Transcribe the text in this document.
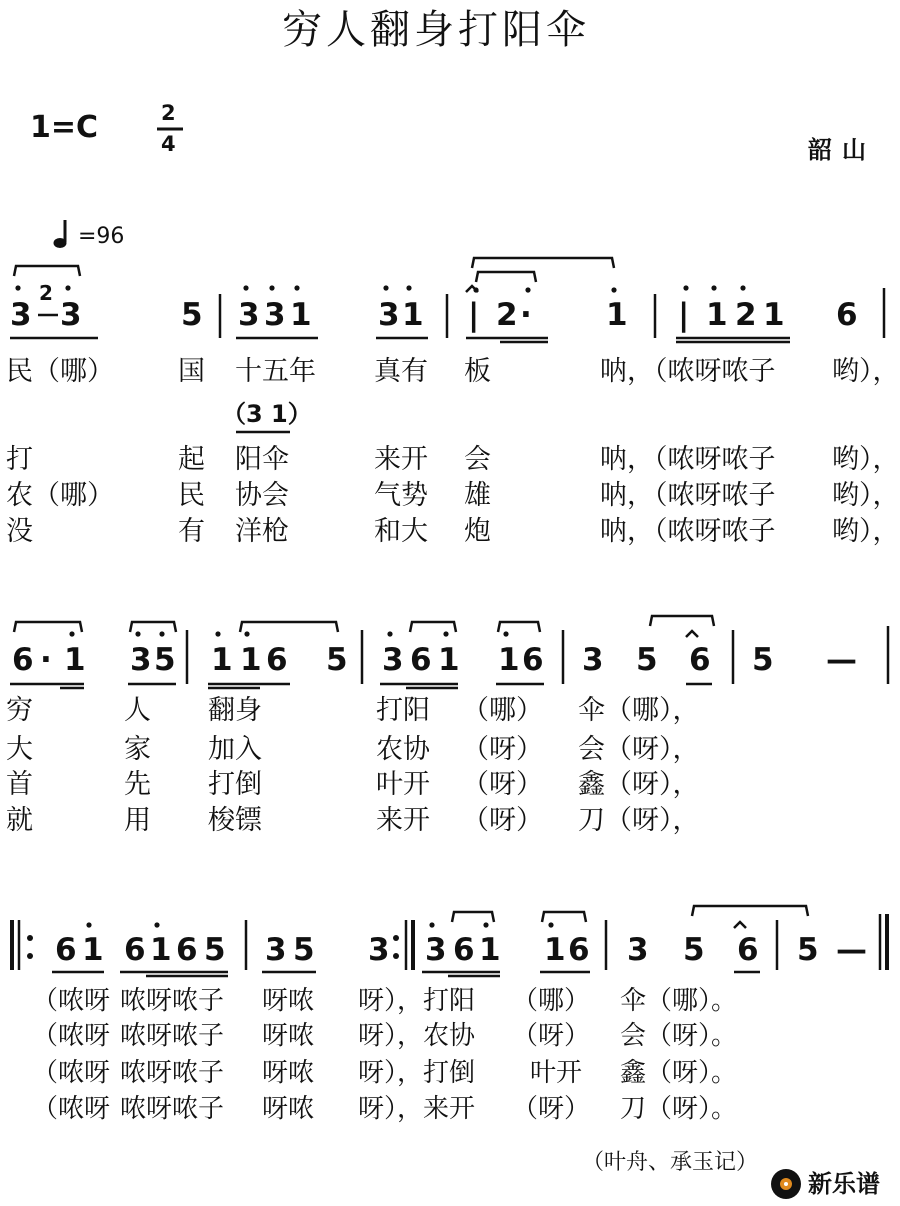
穷人翻身打阳伞
1=C	2
4	韶山
=96
3
2
3	5 3 3 1 3 1 | 2 · 1 | 1 2 1 6
民（哪） 国 十五年 真有 板	呐，（哝呀哝子 哟），
（3 1）
打	起 阳伞	来开 会	呐，（哝呀哝子 哟），
农（哪） 民 协会	气势 雄	呐，（哝呀哝子 哟），
没	有 洋枪	和大 炮	呐，（哝呀哝子 哟），
6 · 1 3 5 1 1 6 5 3 6 1 1 6 3 5 6 5 —
穷	人 翻身	打阳 （哪） 伞（哪），
大	家 加入	农协 （呀） 会（呀），
首	先 打倒	叶开 （呀） 鑫（呀），
就	用 梭镖	来开 （呀） 刀（呀），
6 1 6 1 6 5 3 5 3 3 6 1 1 6 3 5 6 5 —
（哝呀 哝呀哝子 呀哝 呀），打阳 （哪） 伞（哪）。
（哝呀 哝呀哝子 呀哝 呀），农协 （呀） 会（呀）。
（哝呀 哝呀哝子 呀哝 呀），打倒 叶开 鑫（呀）。
（哝呀 哝呀哝子 呀哝 呀），来开 （呀） 刀（呀）。
（叶舟、承玉记）
新乐谱
